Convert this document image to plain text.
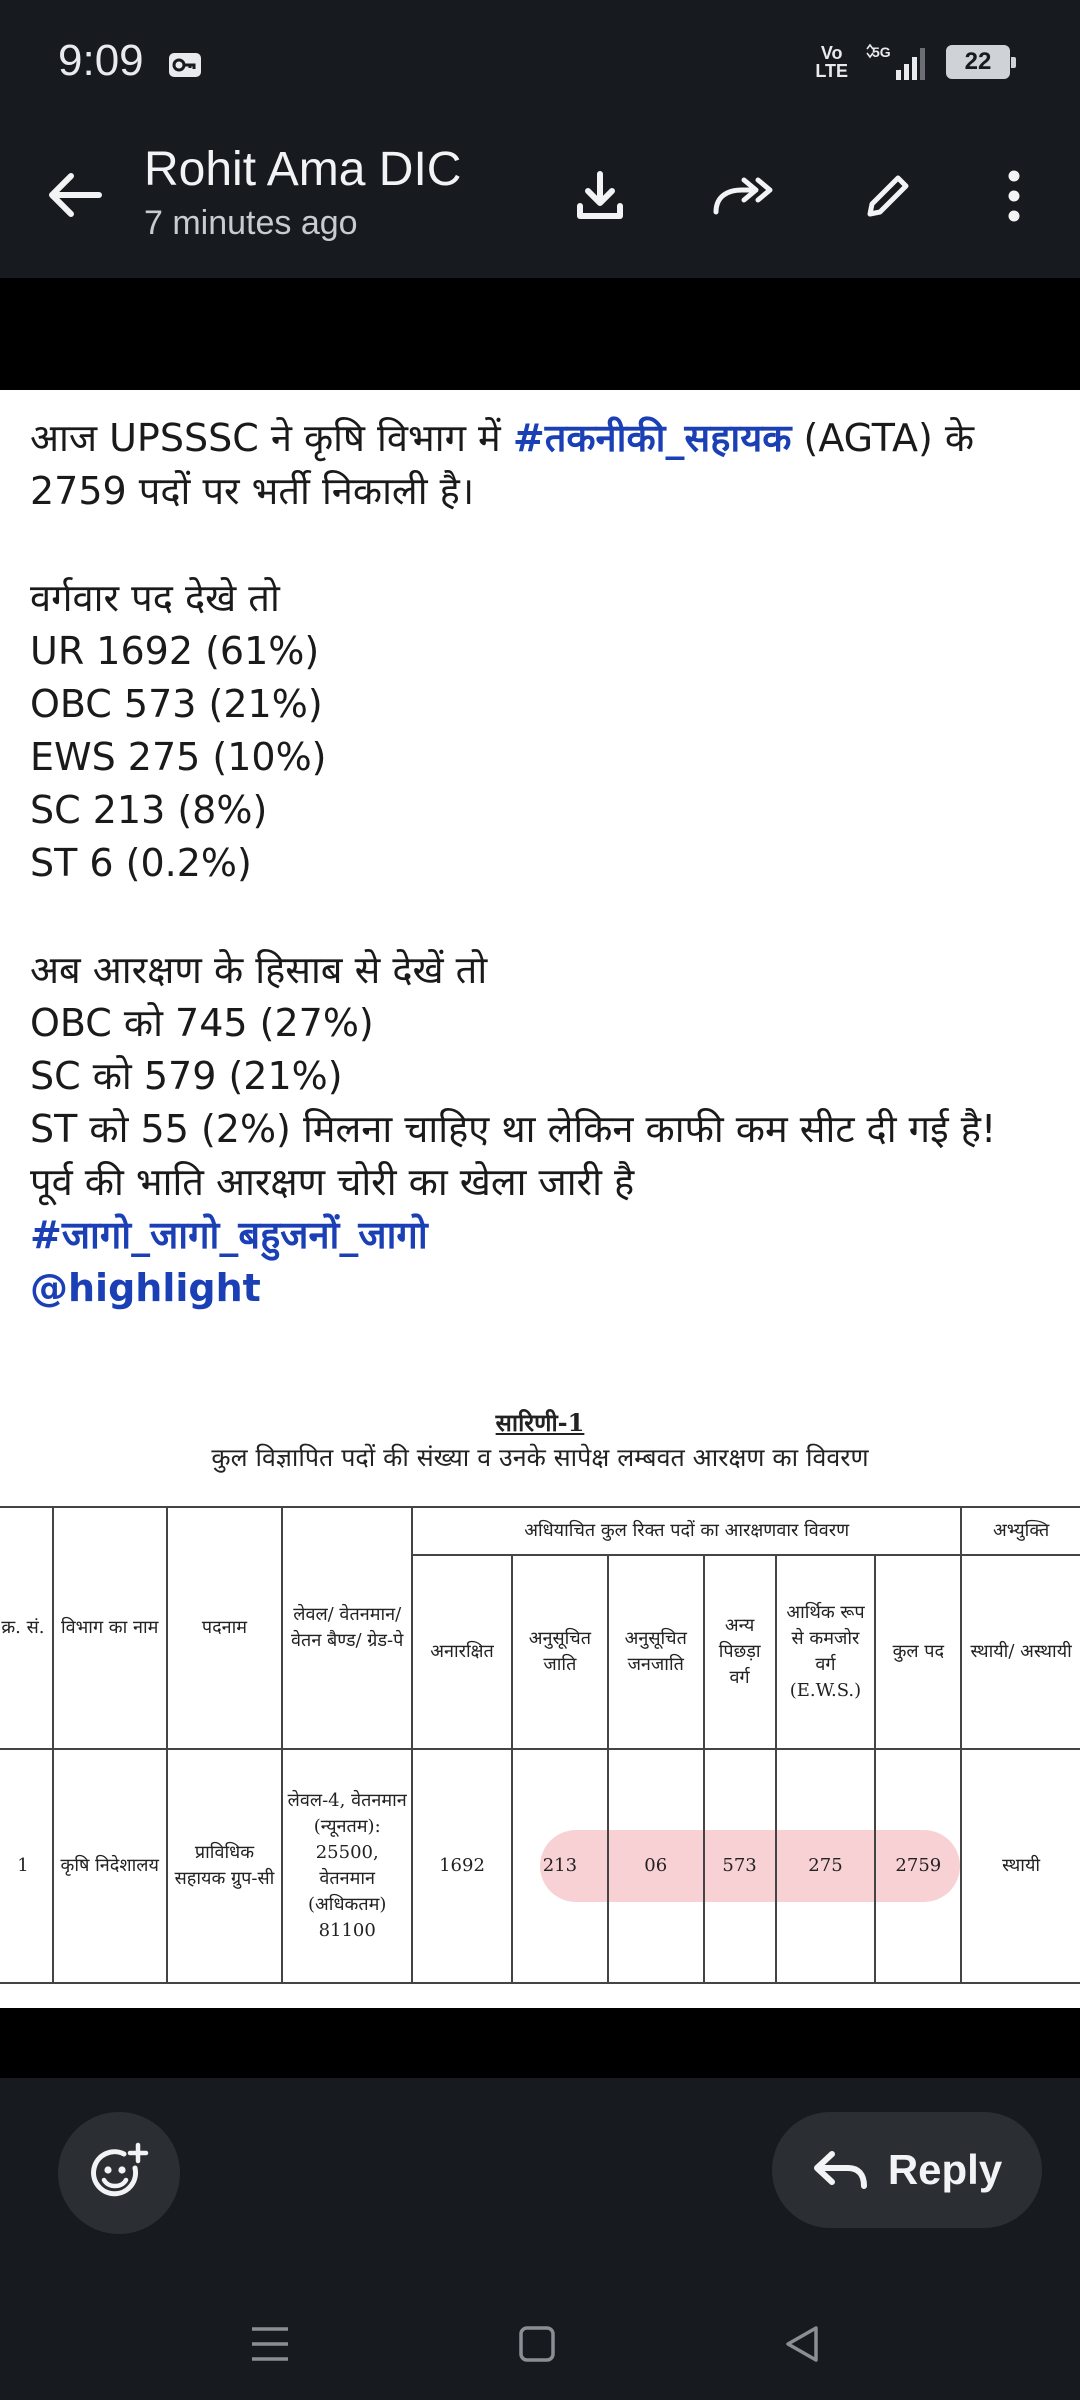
9:09	Vo
LTE
5G	22
Rohit Ama DIC
7 minutes ago

आज UPSSSC ने कृषि विभाग में #तकनीकी_सहायक (AGTA) के

2759 पदों पर भर्ती निकाली है।

वर्गवार पद देखे तो

UR 1692 (61%)

OBC 573 (21%)

EWS 275 (10%)

SC 213 (8%)

ST 6 (0.2%)

अब आरक्षण के हिसाब से देखें तो

OBC को 745 (27%)

SC को 579 (21%)

ST को 55 (2%) मिलना चाहिए था लेकिन काफी कम सीट दी गई है!

पूर्व की भाति आरक्षण चोरी का खेला जारी है

#जागो_जागो_बहुजनों_जागो

@highlight

सारिणी-1
कुल विज्ञापित पदों की संख्या व उनके सापेक्ष लम्बवत आरक्षण का विवरण
क्र. सं.	विभाग का नाम	पदनाम	लेवल/ वेतनमान/ वेतन बैण्ड/ ग्रेड-पे	अधियाचित कुल रिक्त पदों का आरक्षणवार विवरण						अभ्युक्ति
				अनारक्षित	अनुसूचित जाति	अनुसूचित जनजाति	अन्य पिछड़ा वर्ग	आर्थिक रूप से कमजोर वर्ग (E.W.S.)	कुल पद	स्थायी/ अस्थायी
1	कृषि निदेशालय	प्राविधिक सहायक ग्रुप-सी	लेवल-4, वेतनमान (न्यूनतम): 25500, वेतनमान (अधिकतम) 81100	1692	213	06	573	275	2759	स्थायी
Reply
